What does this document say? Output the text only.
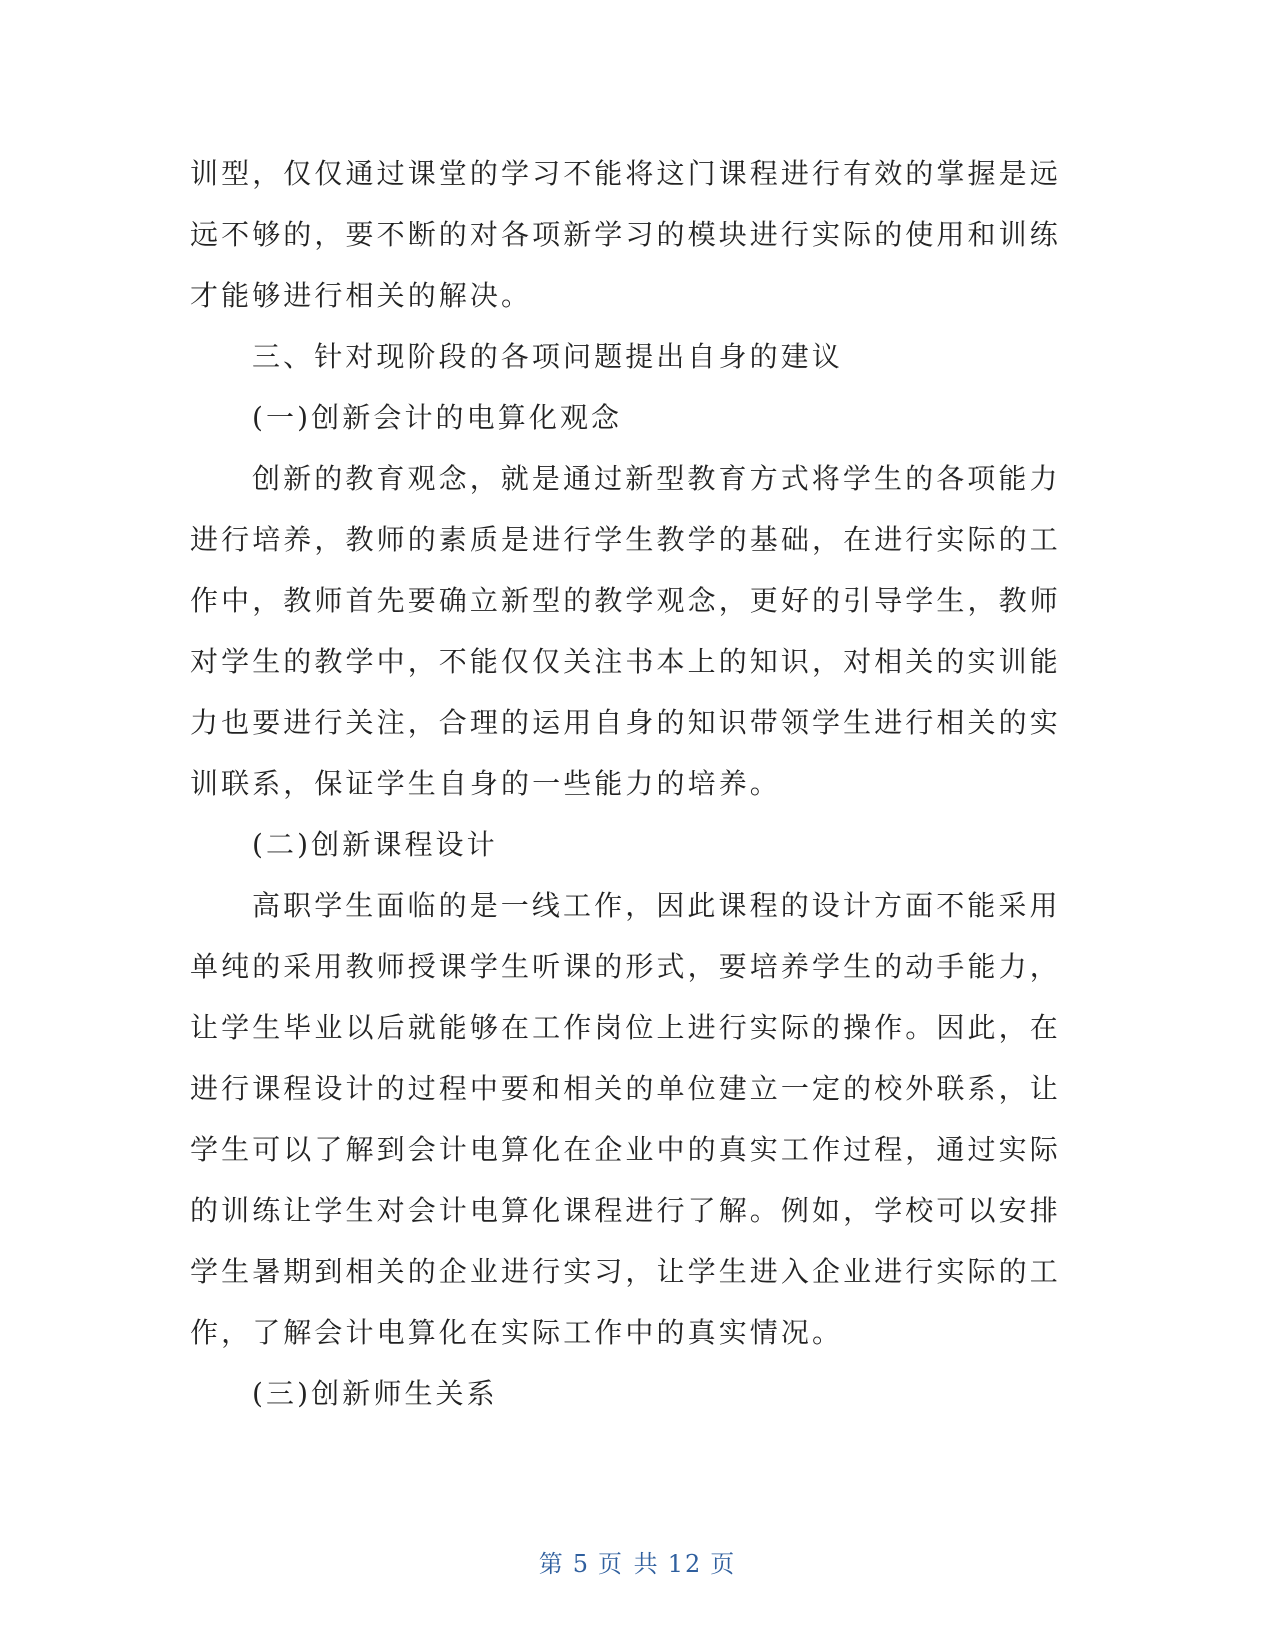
训型，仅仅通过课堂的学习不能将这门课程进行有效的掌握是远
远不够的，要不断的对各项新学习的模块进行实际的使用和训练
才能够进行相关的解决。
三、针对现阶段的各项问题提出自身的建议
(一)创新会计的电算化观念
创新的教育观念，就是通过新型教育方式将学生的各项能力
进行培养，教师的素质是进行学生教学的基础，在进行实际的工
作中，教师首先要确立新型的教学观念，更好的引导学生，教师
对学生的教学中，不能仅仅关注书本上的知识，对相关的实训能
力也要进行关注，合理的运用自身的知识带领学生进行相关的实
训联系，保证学生自身的一些能力的培养。
(二)创新课程设计
高职学生面临的是一线工作，因此课程的设计方面不能采用
单纯的采用教师授课学生听课的形式，要培养学生的动手能力，
让学生毕业以后就能够在工作岗位上进行实际的操作。因此，在
进行课程设计的过程中要和相关的单位建立一定的校外联系，让
学生可以了解到会计电算化在企业中的真实工作过程，通过实际
的训练让学生对会计电算化课程进行了解。例如，学校可以安排
学生暑期到相关的企业进行实习，让学生进入企业进行实际的工
作，了解会计电算化在实际工作中的真实情况。
(三)创新师生关系
第 5 页 共 12 页
